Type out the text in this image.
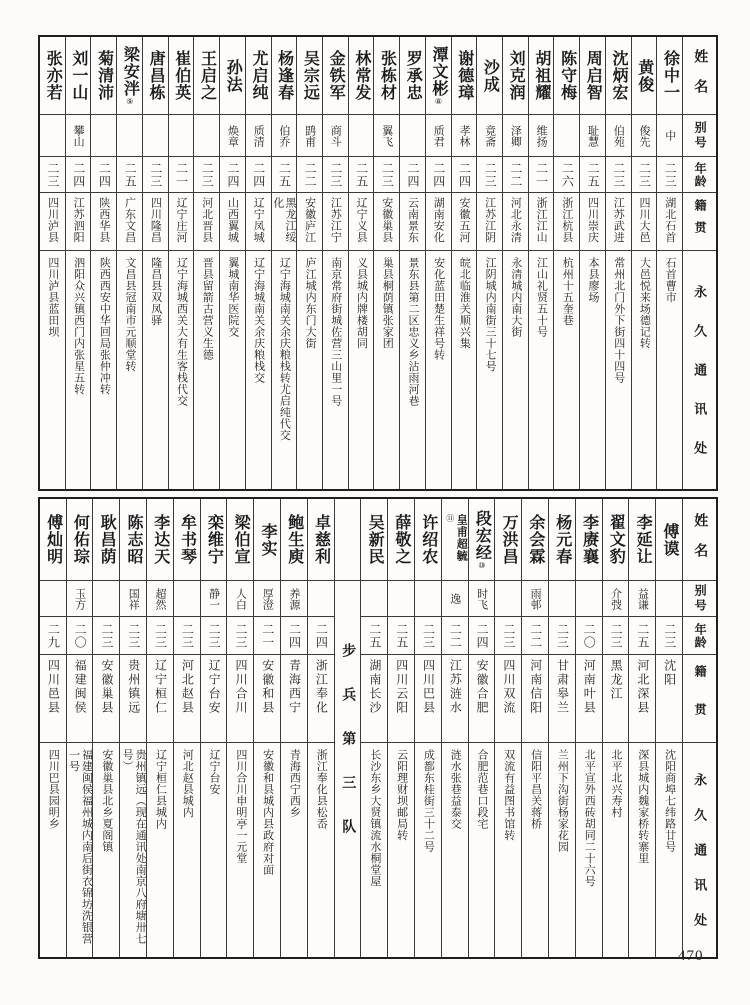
姓名
别号
年龄
籍贯
永久通讯处
徐中一
中
二三
湖北石首
石首曹市
黄俊
俊先
二三
四川大邑
大邑悦来场德记转
沈炳宏
伯苑
二三
江苏武进
常州北门外下街四十四号
周启智
耻慧
二五
四川崇庆
本县廖场
陈守梅
二六
浙江杭县
杭州十五奎巷
胡祖耀
维扬
二一
浙江江山
江山礼贤五十号
刘克润
泽卿
二二
河北永清
永清城内南大街
沙成
竟斋
二三
江苏江阴
江阴城内南街三十七号
谢德璋
孝林
二四
安徽五河
皖北临淮关顺兴集
潭文彬⑧
质君
二四
湖南安化
安化蓝田楚生祥号转
罗承忠
二四
云南景东
景东县第二区忠义乡沾雨河巷
张栋材
翼飞
二三
安徽巢县
巢县桐荫镇张家团
林常发
二五
辽宁义县
义县城内牌楼胡同
金铁军
商斗
二三
江苏江宁
南京常府街城佐营三山里一号
吴宗远
鹍甫
二二
安徽庐江
庐江城内东门大街
杨逢春
伯乔
二五
黑龙江绥化
辽宁海城南关余庆粮栈转尤启纯代交
尤启纯
质清
二四
辽宁凤城
辽宁海城南关余庆粮栈交
孙法
焕章
二四
山西翼城
翼城南华医院交
王启之
二三
河北晋县
晋县留箭古营义生德
崔伯英
二一
辽宁庄河
辽宁海城西关大有生客栈代交
唐昌栋
二三
四川隆昌
隆昌县双凤驿
梁安泮⑨
二五
广东文昌
文昌县冠南市元顺堂转
菊清沛
二四
陕西华县
陕西西安中华回局张仲冲转
刘一山
攀山
二四
江苏泗阳
泗阳众兴镇西门内张星五转
张亦若
二三
四川泸县
四川泸县蓝田坝
姓名
别号
年龄
籍贯
永久通讯处
傅谟
二三
沈阳
沈阳商埠七纬路廿号
李延让
益谦
二五
河北深县
深县城内魏家桥转寨里
翟文豹
介弢
二三
黑龙江
北平北兴寿村
李赓襄
二〇
河南叶县
北平宣外西砖胡同二十六号
杨元春
二三
甘肃皋兰
兰州下沟街杨家花园
余会霖
雨邨
二二
河南信阳
信阳平昌关蒋桥
万洪昌
二三
四川双流
双流有益图书馆转
段宏经⑩
时飞
二四
安徽合肥
合肥范巷口段宅
皇甫超毓⑪
逸
二二
江苏涟水
涟水张巷益泰交
许绍农
二三
四川巴县
成都东桂街三十二号
薛敬之
二五
四川云阳
云阳理财坝邮局转
吴新民
二五
湖南长沙
长沙东乡大贤镇流水桐堂屋
步兵第三队
卓慈利
二四
浙江奉化
浙江奉化县松岙
鲍生庾
养源
二四
青海西宁
青海西宁西乡
李实
厚澄
二一
安徽和县
安徽和县城内县政府对面
梁伯宣
人白
二三
四川合川
四川合川申明亭一元堂
栾维宁
静一
二三
辽宁台安
辽宁台安
牟书琴
二三
河北赵县
河北赵县城内
李达天
超然
二三
辽宁桓仁
辽宁桓仁县城内
陈志昭
国祥
二三
贵州镇远
贵州镇远（现在通讯处南京八府塘卅七号）
耿昌荫
二三
安徽巢县
安徽巢县北乡夏阁镇
何佑琮
玉方
二〇
福建闽侯
福建闽侯福州城内南后街衣锦坊洗银营一号
傅灿明
二九
四川邑县
四川巴县园明乡
470
